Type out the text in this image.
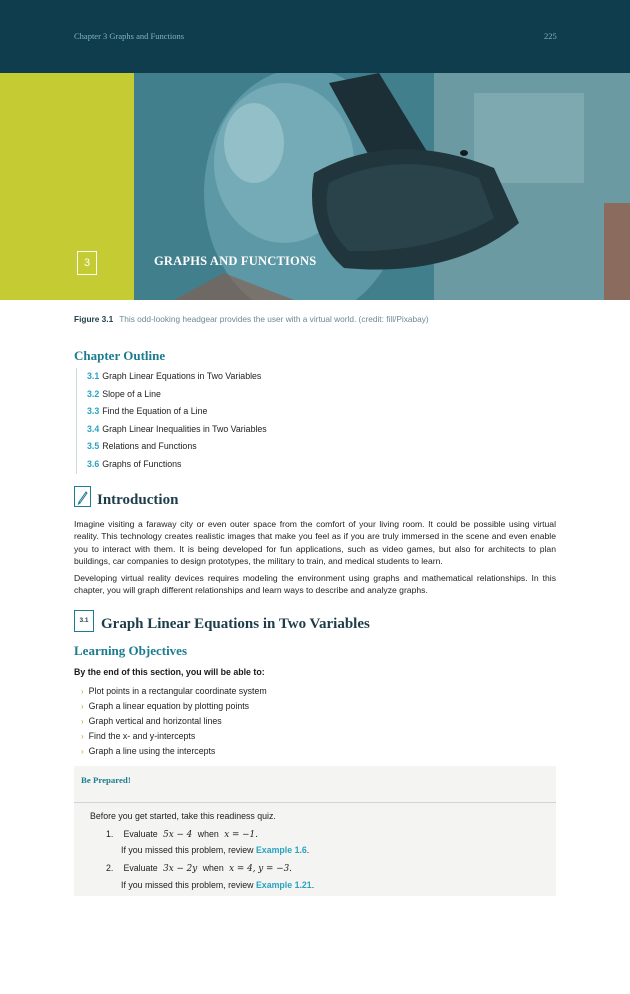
Chapter 3 Graphs and Functions	225
3	GRAPHS AND FUNCTIONS
Figure 3.1 This odd-looking headgear provides the user with a virtual world. (credit: fill/Pixabay)
Chapter Outline
3.1 Graph Linear Equations in Two Variables
3.2 Slope of a Line
3.3 Find the Equation of a Line
3.4 Graph Linear Inequalities in Two Variables
3.5 Relations and Functions
3.6 Graphs of Functions
Introduction

Imagine visiting a faraway city or even outer space from the comfort of your living room. It could be possible using virtual reality. This technology creates realistic images that make you feel as if you are truly immersed in the scene and even enable you to interact with them. It is being developed for fun applications, such as video games, but also for architects to plan buildings, car companies to design prototypes, the military to train, and medical students to learn.

Developing virtual reality devices requires modeling the environment using graphs and mathematical relationships. In this chapter, you will graph different relationships and learn ways to describe and analyze graphs.

3.1 Graph Linear Equations in Two Variables
Learning Objectives
By the end of this section, you will be able to:
› Plot points in a rectangular coordinate system
› Graph a linear equation by plotting points
› Graph vertical and horizontal lines
› Find the x- and y-intercepts
› Graph a line using the intercepts
Be Prepared!
Before you get started, take this readiness quiz.
1. Evaluate 5x − 4 when x = −1.
If you missed this problem, review Example 1.6.
2. Evaluate 3x − 2y when x = 4, y = −3.
If you missed this problem, review Example 1.21.
